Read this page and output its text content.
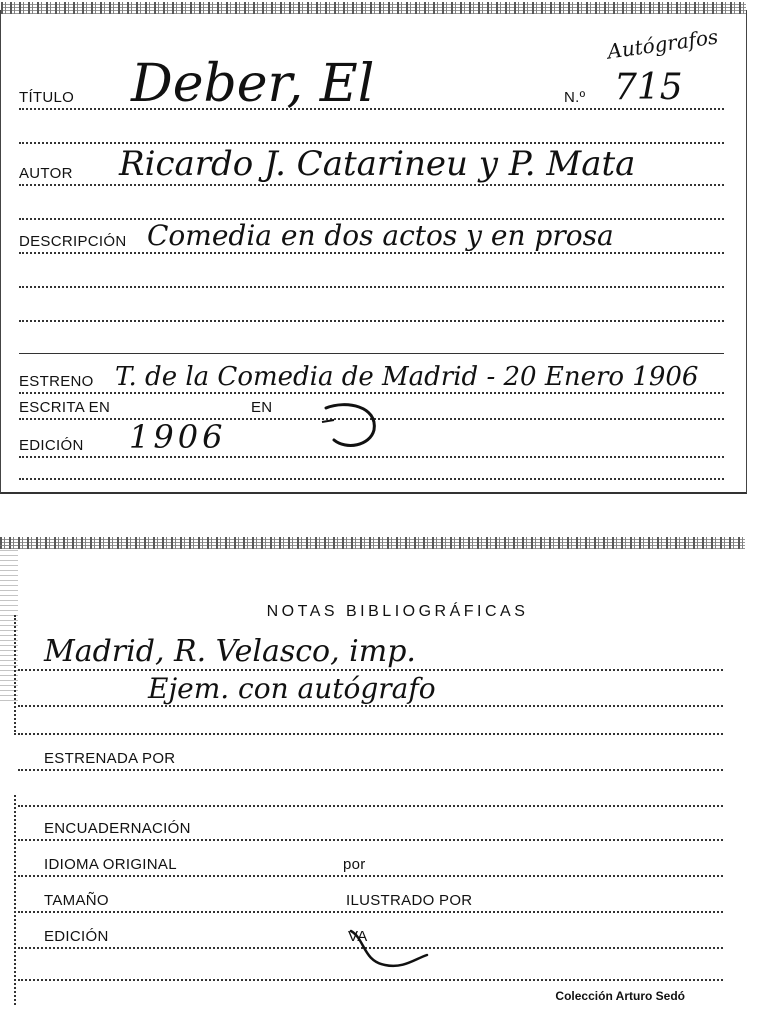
Autógrafos
TÍTULO Deber, El	N.º 715
AUTOR Ricardo J. Catarineu y P. Mata
DESCRIPCIÓN Comedia en dos actos y en prosa
ESTRENO T. de la Comedia de Madrid - 20 Enero 1906
ESCRITA EN	EN
EDICIÓN 1906
NOTAS BIBLIOGRÁFICAS
Madrid, R. Velasco, imp.
Ejem. con autógrafo
ESTRENADA POR
ENCUADERNACIÓN
IDIOMA ORIGINAL	por
TAMAÑO	ILUSTRADO POR
EDICIÓN	VA
Colección Arturo Sedó
